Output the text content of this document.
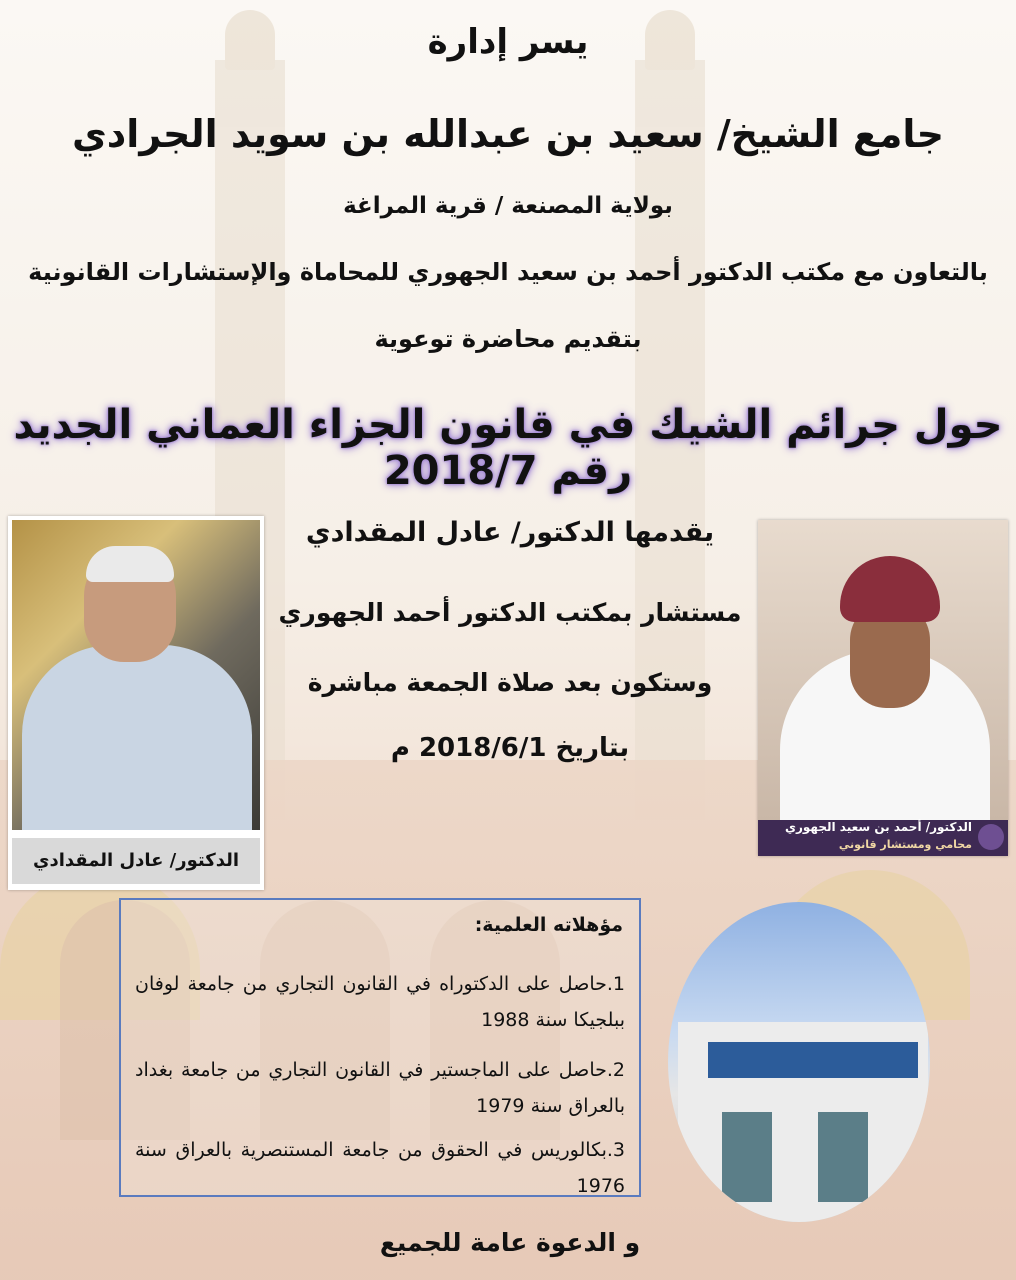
يسر إدارة
جامع الشيخ/ سعيد بن عبدالله بن سويد الجرادي
بولاية المصنعة / قرية المراغة
بالتعاون مع مكتب الدكتور أحمد بن سعيد الجهوري للمحاماة والإستشارات القانونية
بتقديم محاضرة توعوية
حول جرائم الشيك في قانون الجزاء العماني الجديد رقم 2018/7
يقدمها الدكتور/ عادل المقدادي
مستشار بمكتب الدكتور أحمد الجهوري
وستكون بعد صلاة الجمعة مباشرة
بتاريخ 2018/6/1 م
الدكتور/ عادل المقدادي
الدكتور/ أحمد بن سعيد الجهوري
محامي ومستشار قانوني
مؤهلاته العلمية:
1.حاصل على الدكتوراه في القانون التجاري من جامعة لوفان ببلجيكا سنة 1988
2.حاصل على الماجستير في القانون التجاري من جامعة بغداد بالعراق سنة 1979
3.بكالوريس في الحقوق من جامعة المستنصرية بالعراق سنة 1976
و الدعوة عامة للجميع
